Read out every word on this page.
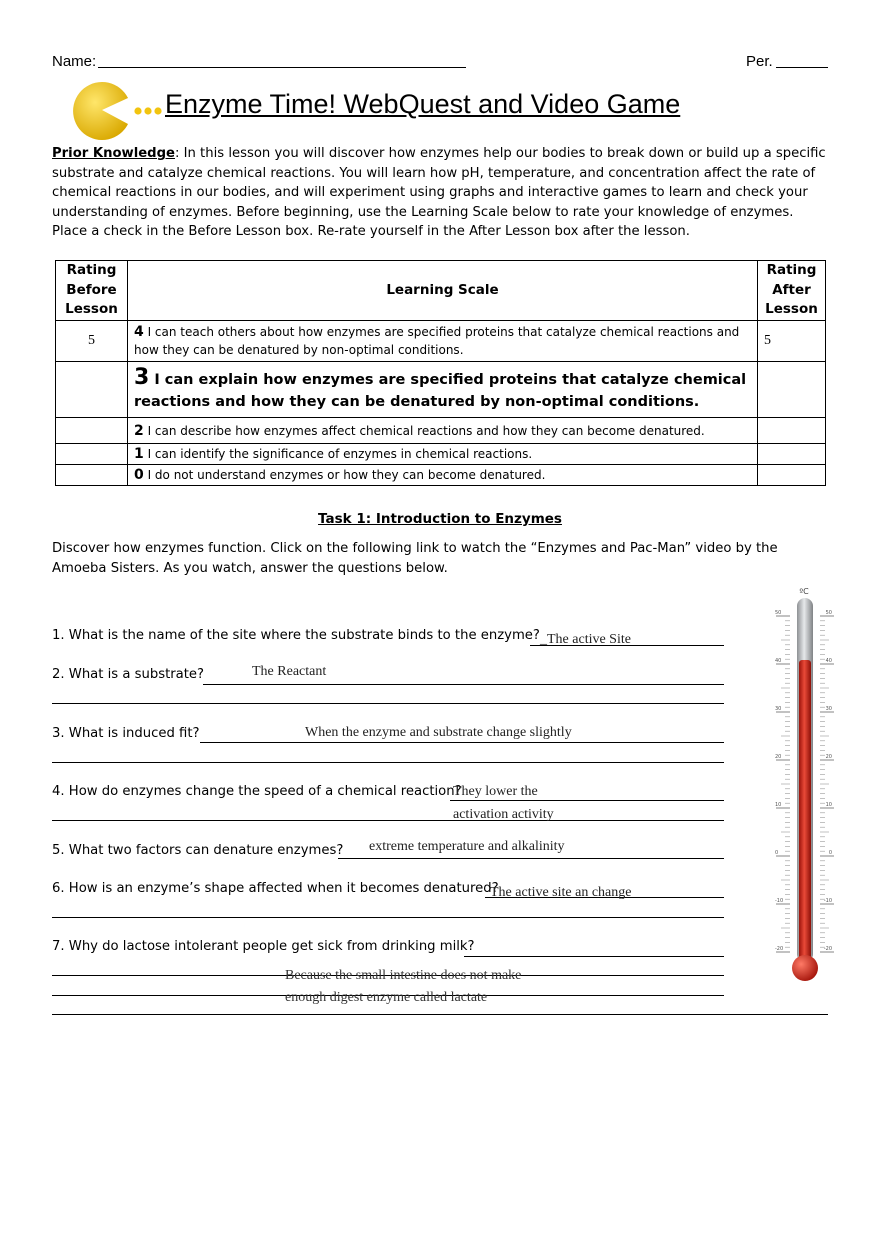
Name:	Per.
Enzyme Time! WebQuest and Video Game
Prior Knowledge: In this lesson you will discover how enzymes help our bodies to break down or build up a specific substrate and catalyze chemical reactions. You will learn how pH, temperature, and concentration affect the rate of chemical reactions in our bodies, and will experiment using graphs and interactive games to learn and check your understanding of enzymes. Before beginning, use the Learning Scale below to rate your knowledge of enzymes. Place a check in the Before Lesson box. Re-rate yourself in the After Lesson box after the lesson.
Rating Before Lesson	Learning Scale	Rating After Lesson
5	4 I can teach others about how enzymes are specified proteins that catalyze chemical reactions and how they can be denatured by non-optimal conditions.	5
	3 I can explain how enzymes are specified proteins that catalyze chemical reactions and how they can be denatured by non-optimal conditions.	
	2 I can describe how enzymes affect chemical reactions and how they can become denatured.	
	1 I can identify the significance of enzymes in chemical reactions.	
	0 I do not understand enzymes or how they can become denatured.	
Task 1: Introduction to Enzymes
Discover how enzymes function. Click on the following link to watch the “Enzymes and Pac-Man” video by the Amoeba Sisters. As you watch, answer the questions below.
1. What is the name of the site where the substrate binds to the enzyme? _The active Site
2. What is a substrate?	The Reactant
3. What is induced fit?	When the enzyme and substrate change slightly
4. How do enzymes change the speed of a chemical reaction?
They lower the
activation activity
5. What two factors can denature enzymes? extreme temperature and alkalinity
6. How is an enzyme’s shape affected when it becomes denatured?
The active site an change
7. Why do lactose intolerant people get sick from drinking milk?
Because the small intestine does not make
enough digest enzyme called lactate
ºC
50
40
30
20
10
0
-10
-20
50
40
30
20
10
0
-10
-20
